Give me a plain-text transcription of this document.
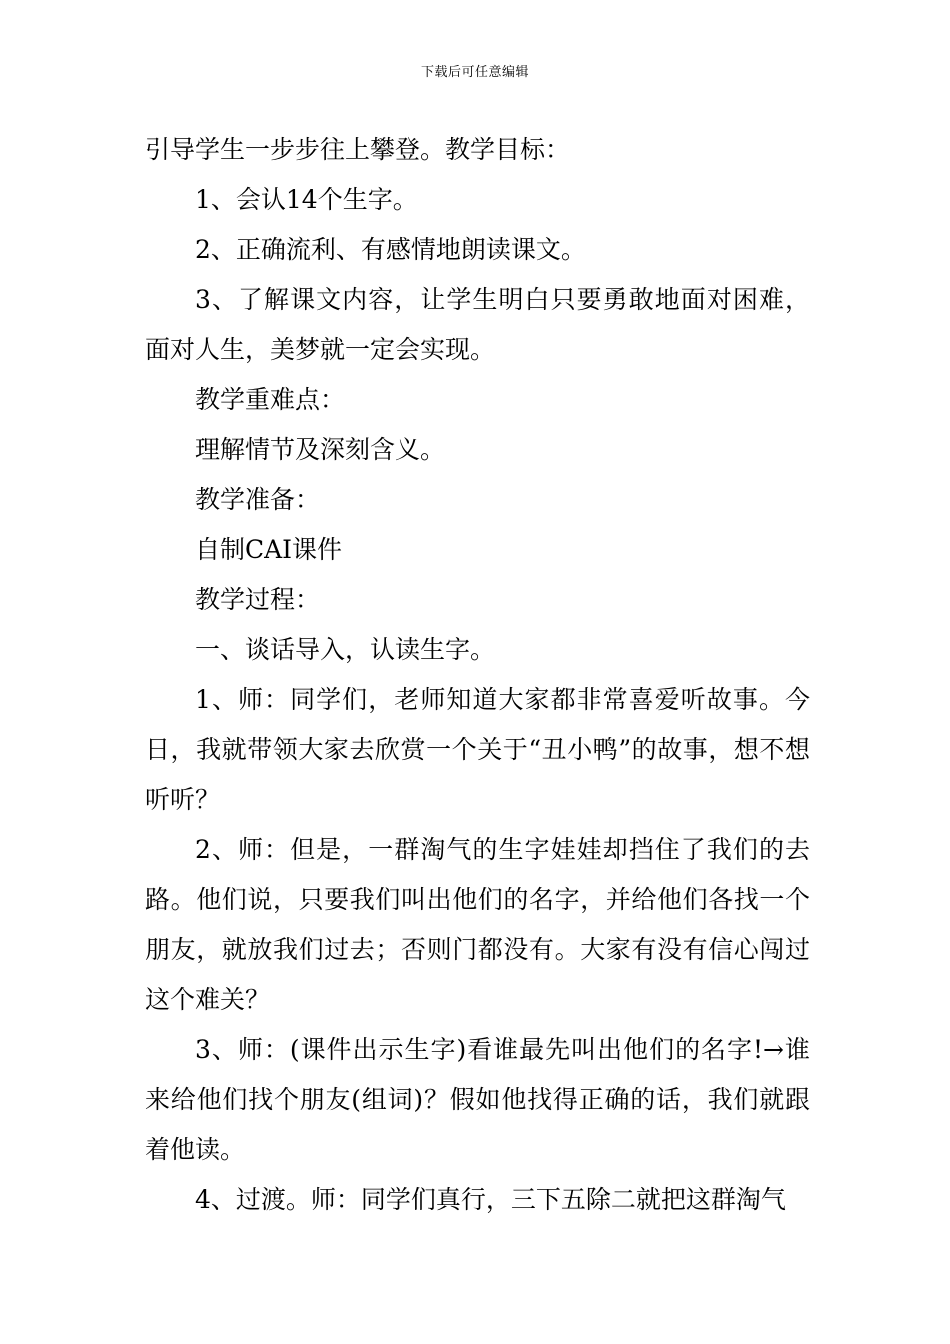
下载后可任意编辑

引导学生一步步往上攀登。教学目标：

1、会认14个生字。

2、正确流利、有感情地朗读课文。

3、了解课文内容，让学生明白只要勇敢地面对困难，面对人生，美梦就一定会实现。

教学重难点：

理解情节及深刻含义。

教学准备：

自制CAI课件

教学过程：

一、谈话导入，认读生字。

1、师：同学们，老师知道大家都非常喜爱听故事。今日，我就带领大家去欣赏一个关于“丑小鸭”的故事，想不想听听？

2、师：但是，一群淘气的生字娃娃却挡住了我们的去路。他们说，只要我们叫出他们的名字，并给他们各找一个朋友，就放我们过去；否则门都没有。大家有没有信心闯过这个难关？

3、师：(课件出示生字)看谁最先叫出他们的名字!→谁来给他们找个朋友(组词)？假如他找得正确的话，我们就跟着他读。

4、过渡。师：同学们真行，三下五除二就把这群淘气
